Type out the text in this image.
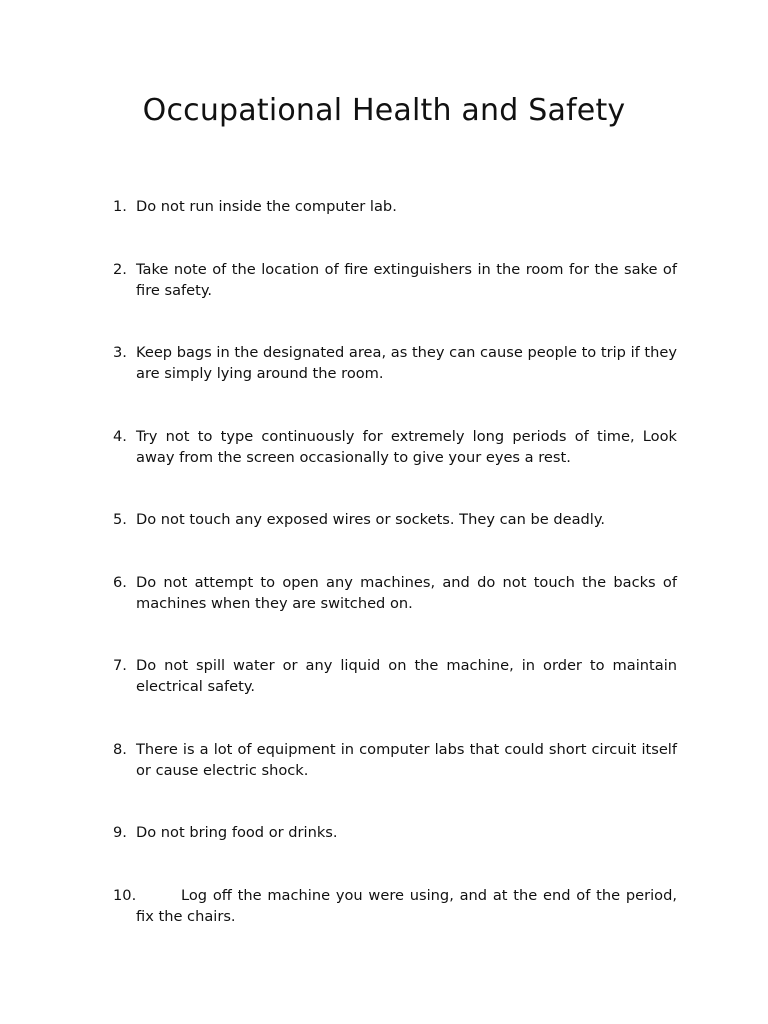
Occupational Health and Safety
1. Do not run inside the computer lab.
2. Take note of the location of fire extinguishers in the room for the sake of fire safety.
3. Keep bags in the designated area, as they can cause people to trip if they are simply lying around the room.
4. Try not to type continuously for extremely long periods of time, Look away from the screen occasionally to give your eyes a rest.
5. Do not touch any exposed wires or sockets. They can be deadly.
6. Do not attempt to open any machines, and do not touch the backs of machines when they are switched on.
7. Do not spill water or any liquid on the machine, in order to maintain electrical safety.
8. There is a lot of equipment in computer labs that could short circuit itself or cause electric shock.
9. Do not bring food or drinks.
10.	Log off the machine you were using, and at the end of the period, fix the chairs.
